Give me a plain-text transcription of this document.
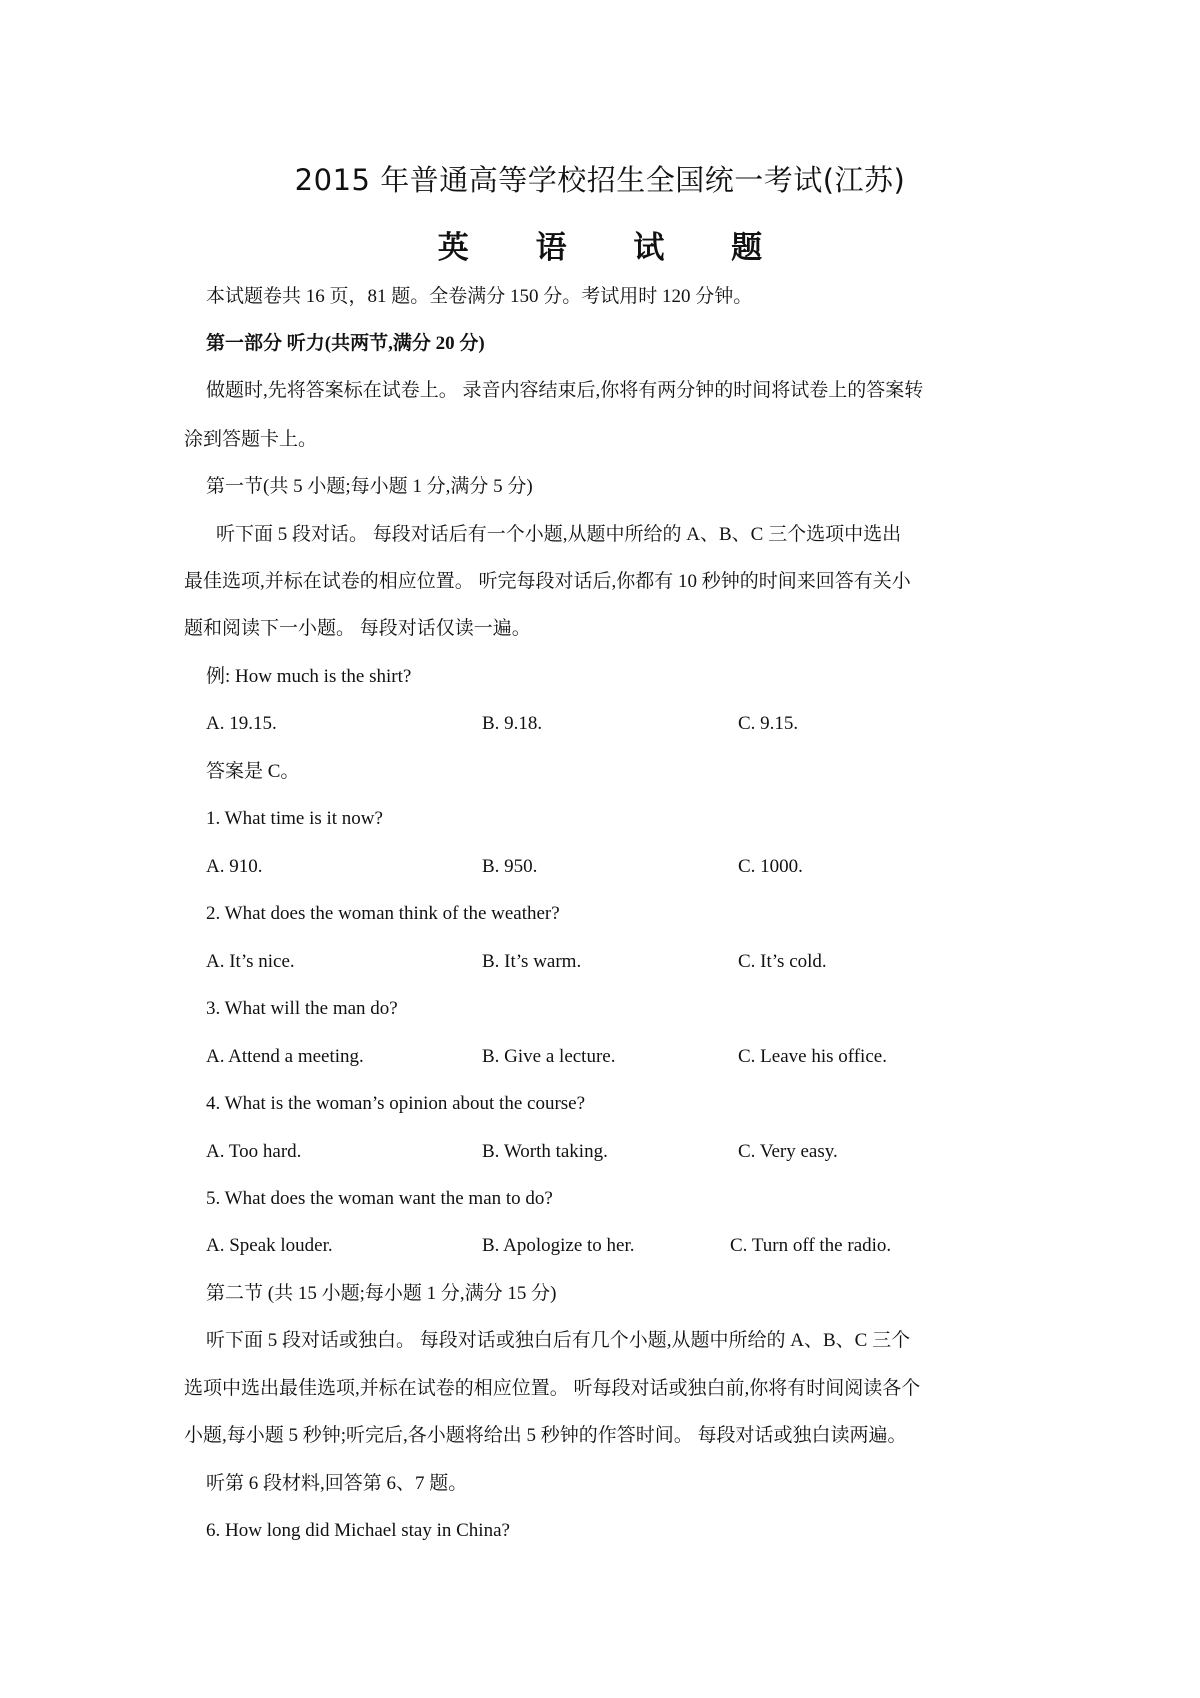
2015 年普通高等学校招生全国统一考试(江苏)
英 语 试 题
本试题卷共 16 页，81 题。全卷满分 150 分。考试用时 120 分钟。
第一部分 听力(共两节,满分 20 分)
做题时,先将答案标在试卷上。 录音内容结束后,你将有两分钟的时间将试卷上的答案转
涂到答题卡上。
第一节(共 5 小题;每小题 1 分,满分 5 分)
听下面 5 段对话。 每段对话后有一个小题,从题中所给的 A、B、C 三个选项中选出
最佳选项,并标在试卷的相应位置。 听完每段对话后,你都有 10 秒钟的时间来回答有关小
题和阅读下一小题。 每段对话仅读一遍。
例: How much is the shirt?
A. 19.15.	B. 9.18.	C. 9.15.
答案是 C。
1. What time is it now?
A. 910.	B. 950.	C. 1000.
2. What does the woman think of the weather?
A. It’s nice.	B. It’s warm.	C. It’s cold.
3. What will the man do?
A. Attend a meeting.	B. Give a lecture.	C. Leave his office.
4. What is the woman’s opinion about the course?
A. Too hard.	B. Worth taking.	C. Very easy.
5. What does the woman want the man to do?
A. Speak louder.	B. Apologize to her.	C. Turn off the radio.
第二节 (共 15 小题;每小题 1 分,满分 15 分)
听下面 5 段对话或独白。 每段对话或独白后有几个小题,从题中所给的 A、B、C 三个
选项中选出最佳选项,并标在试卷的相应位置。 听每段对话或独白前,你将有时间阅读各个
小题,每小题 5 秒钟;听完后,各小题将给出 5 秒钟的作答时间。 每段对话或独白读两遍。
听第 6 段材料,回答第 6、7 题。
6. How long did Michael stay in China?
